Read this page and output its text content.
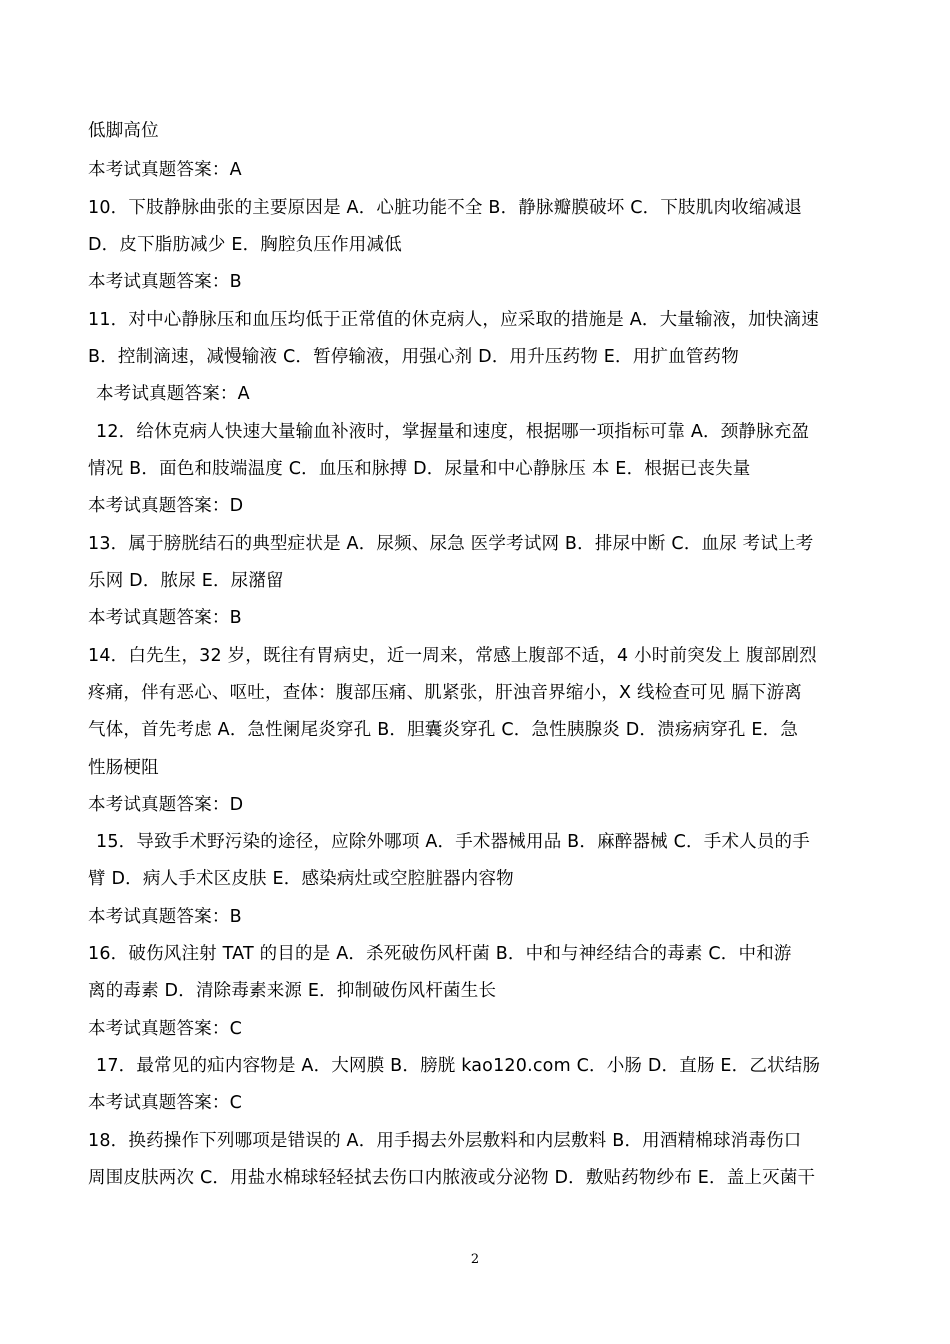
低脚高位
本考试真题答案：A
10．下肢静脉曲张的主要原因是 A．心脏功能不全 B．静脉瓣膜破坏 C．下肢肌肉收缩减退
D．皮下脂肪减少 E．胸腔负压作用减低
本考试真题答案：B
11．对中心静脉压和血压均低于正常值的休克病人，应采取的措施是 A．大量输液，加快滴速
B．控制滴速，减慢输液 C．暂停输液，用强心剂 D．用升压药物 E．用扩血管药物
本考试真题答案：A
12．给休克病人快速大量输血补液时，掌握量和速度，根据哪一项指标可靠 A．颈静脉充盈
情况 B．面色和肢端温度 C．血压和脉搏 D．尿量和中心静脉压 本 E．根据已丧失量
本考试真题答案：D
13．属于膀胱结石的典型症状是 A．尿频、尿急 医学考试网 B．排尿中断 C．血尿 考试上考
乐网 D．脓尿 E．尿潴留
本考试真题答案：B
14．白先生，32 岁，既往有胃病史，近一周来，常感上腹部不适，4 小时前突发上 腹部剧烈
疼痛，伴有恶心、呕吐，查体：腹部压痛、肌紧张，肝浊音界缩小，X 线检查可见 膈下游离
气体，首先考虑 A．急性阑尾炎穿孔 B．胆囊炎穿孔 C．急性胰腺炎 D．溃疡病穿孔 E．急
性肠梗阻
本考试真题答案：D
15．导致手术野污染的途径，应除外哪项 A．手术器械用品 B．麻醉器械 C．手术人员的手
臂 D．病人手术区皮肤 E．感染病灶或空腔脏器内容物
本考试真题答案：B
16．破伤风注射 TAT 的目的是 A．杀死破伤风杆菌 B．中和与神经结合的毒素 C．中和游
离的毒素 D．清除毒素来源 E．抑制破伤风杆菌生长
本考试真题答案：C
17．最常见的疝内容物是 A．大网膜 B．膀胱 kao120.com C．小肠 D．直肠 E．乙状结肠
本考试真题答案：C
18．换药操作下列哪项是错误的 A．用手揭去外层敷料和内层敷料 B．用酒精棉球消毒伤口
周围皮肤两次 C．用盐水棉球轻轻拭去伤口内脓液或分泌物 D．敷贴药物纱布 E．盖上灭菌干
2
